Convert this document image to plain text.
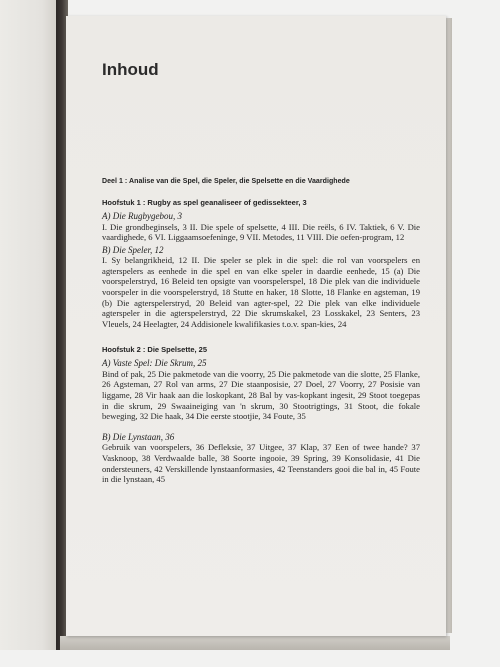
Inhoud
Deel 1 : Analise van die Spel, die Speler, die Spelsette en die Vaardighede
Hoofstuk 1 : Rugby as spel geanaliseer of gedissekteer, 3
A) Die Rugbygebou, 3
I. Die grondbeginsels, 3 II. Die spele of spelsette, 4 III. Die reëls, 6 IV. Taktiek, 6 V. Die vaardighede, 6 VI. Liggaamsoefeninge, 9 VII. Metodes, 11 VIII. Die oefen-program, 12
B) Die Speler, 12
I. Sy belangrikheid, 12 II. Die speler se plek in die spel: die rol van voorspelers en agterspelers as eenhede in die spel en van elke speler in daardie eenhede, 15 (a) Die voorspelerstryd, 16 Beleid ten opsigte van voorspelerspel, 18 Die plek van die individuele voorspeler in die voorspelerstryd, 18 Stutte en haker, 18 Slotte, 18 Flanke en agsteman, 19 (b) Die agterspelerstryd, 20 Beleid van agter-spel, 22 Die plek van elke individuele agterspeler in die agterspelerstryd, 22 Die skrumskakel, 23 Losskakel, 23 Senters, 23 Vleuels, 24 Heelagter, 24 Addisionele kwalifikasies t.o.v. span-kies, 24
Hoofstuk 2 : Die Spelsette, 25
A) Vaste Spel: Die Skrum, 25
Bind of pak, 25 Die pakmetode van die voorry, 25 Die pakmetode van die slotte, 25 Flanke, 26 Agsteman, 27 Rol van arms, 27 Die staanposisie, 27 Doel, 27 Voorry, 27 Posisie van liggame, 28 Vir haak aan die loskopkant, 28 Bal by vas-kopkant ingesit, 29 Stoot toegepas in die skrum, 29 Swaaineiging van 'n skrum, 30 Stootrigtings, 31 Stoot, die fokale beweging, 32 Die haak, 34 Die eerste stootjie, 34 Foute, 35
B) Die Lynstaan, 36
Gebruik van voorspelers, 36 Defleksie, 37 Uitgee, 37 Klap, 37 Een of twee hande? 37 Vasknoop, 38 Verdwaalde balle, 38 Soorte ingooie, 39 Spring, 39 Konsolidasie, 41 Die ondersteuners, 42 Verskillende lynstaanformasies, 42 Teenstanders gooi die bal in, 45 Foute in die lynstaan, 45
